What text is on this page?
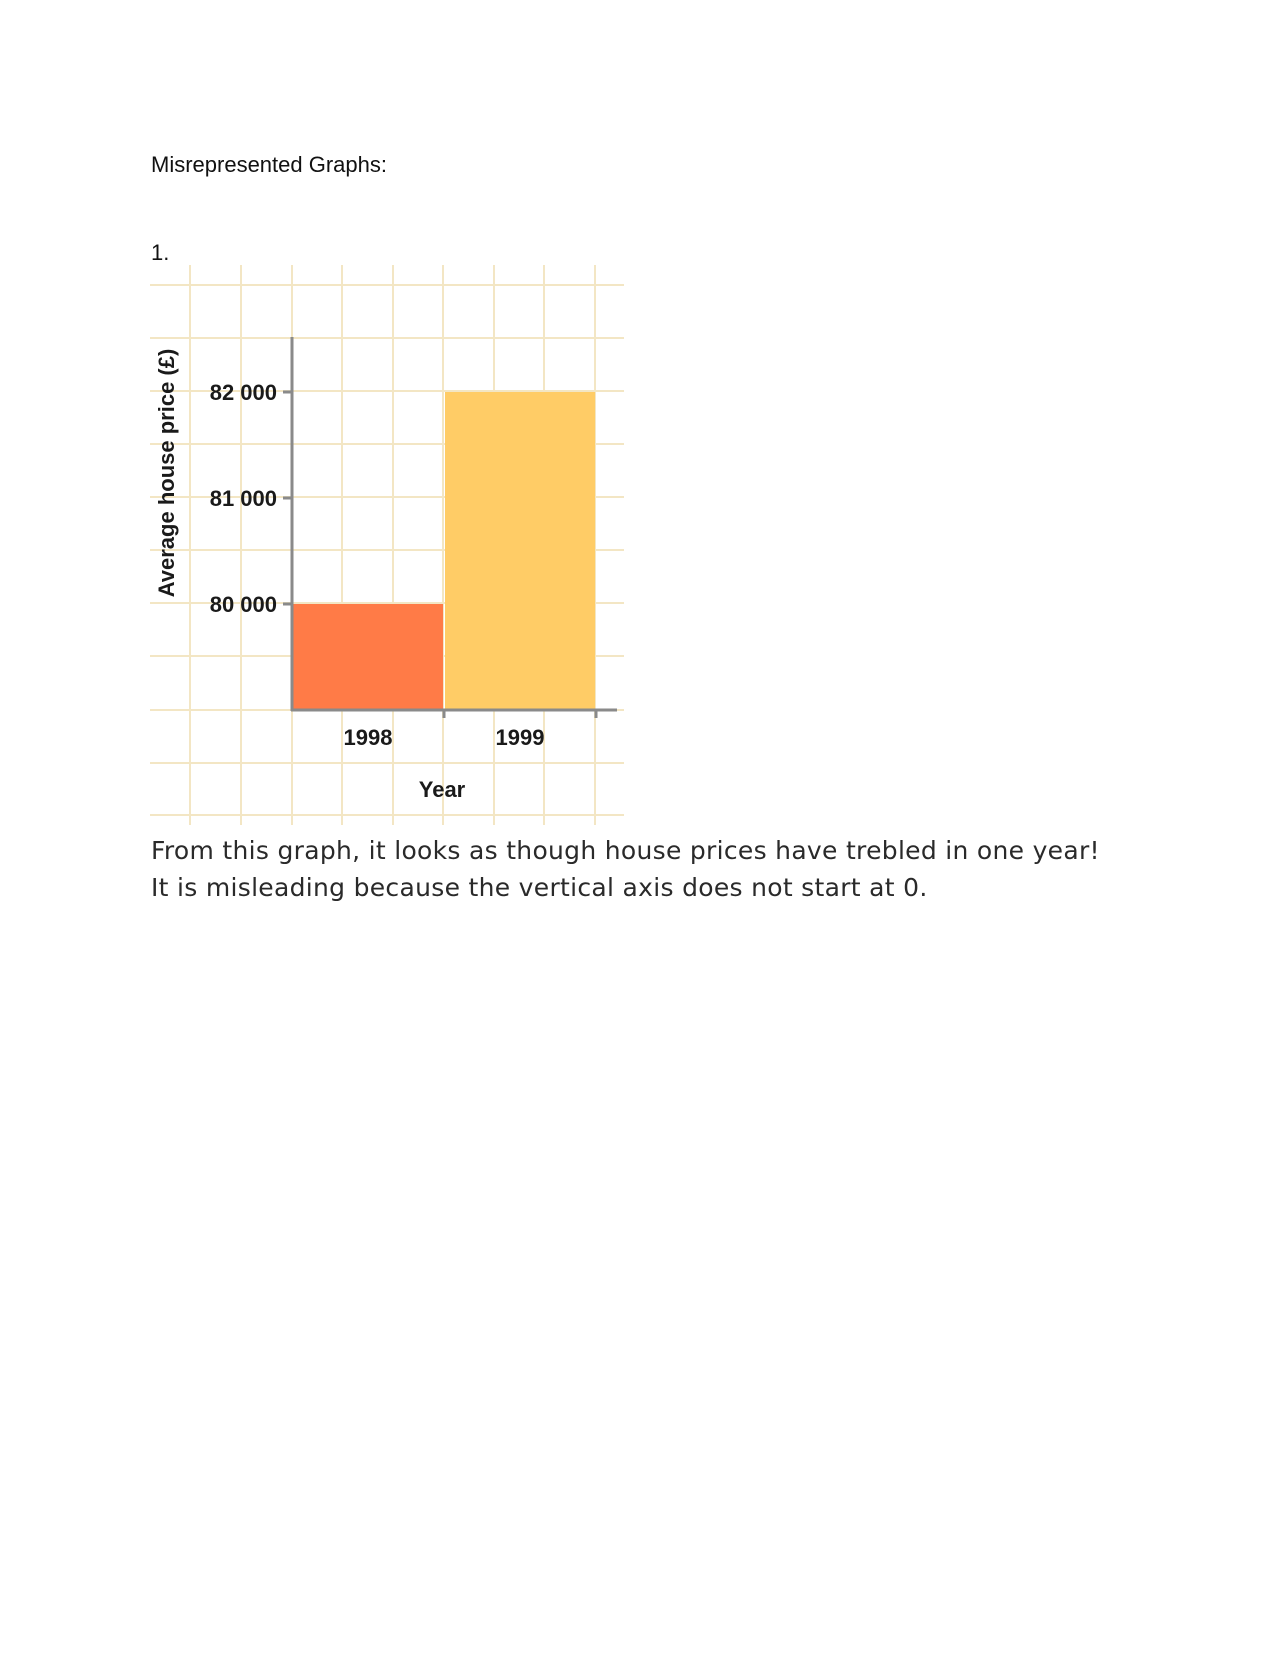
Misrepresented Graphs:
1.
80 000
81 000
82 000
1998	1999
Year
Average house price (£)
From this graph, it looks as though house prices have trebled in one year! It is misleading because the vertical axis does not start at 0.
